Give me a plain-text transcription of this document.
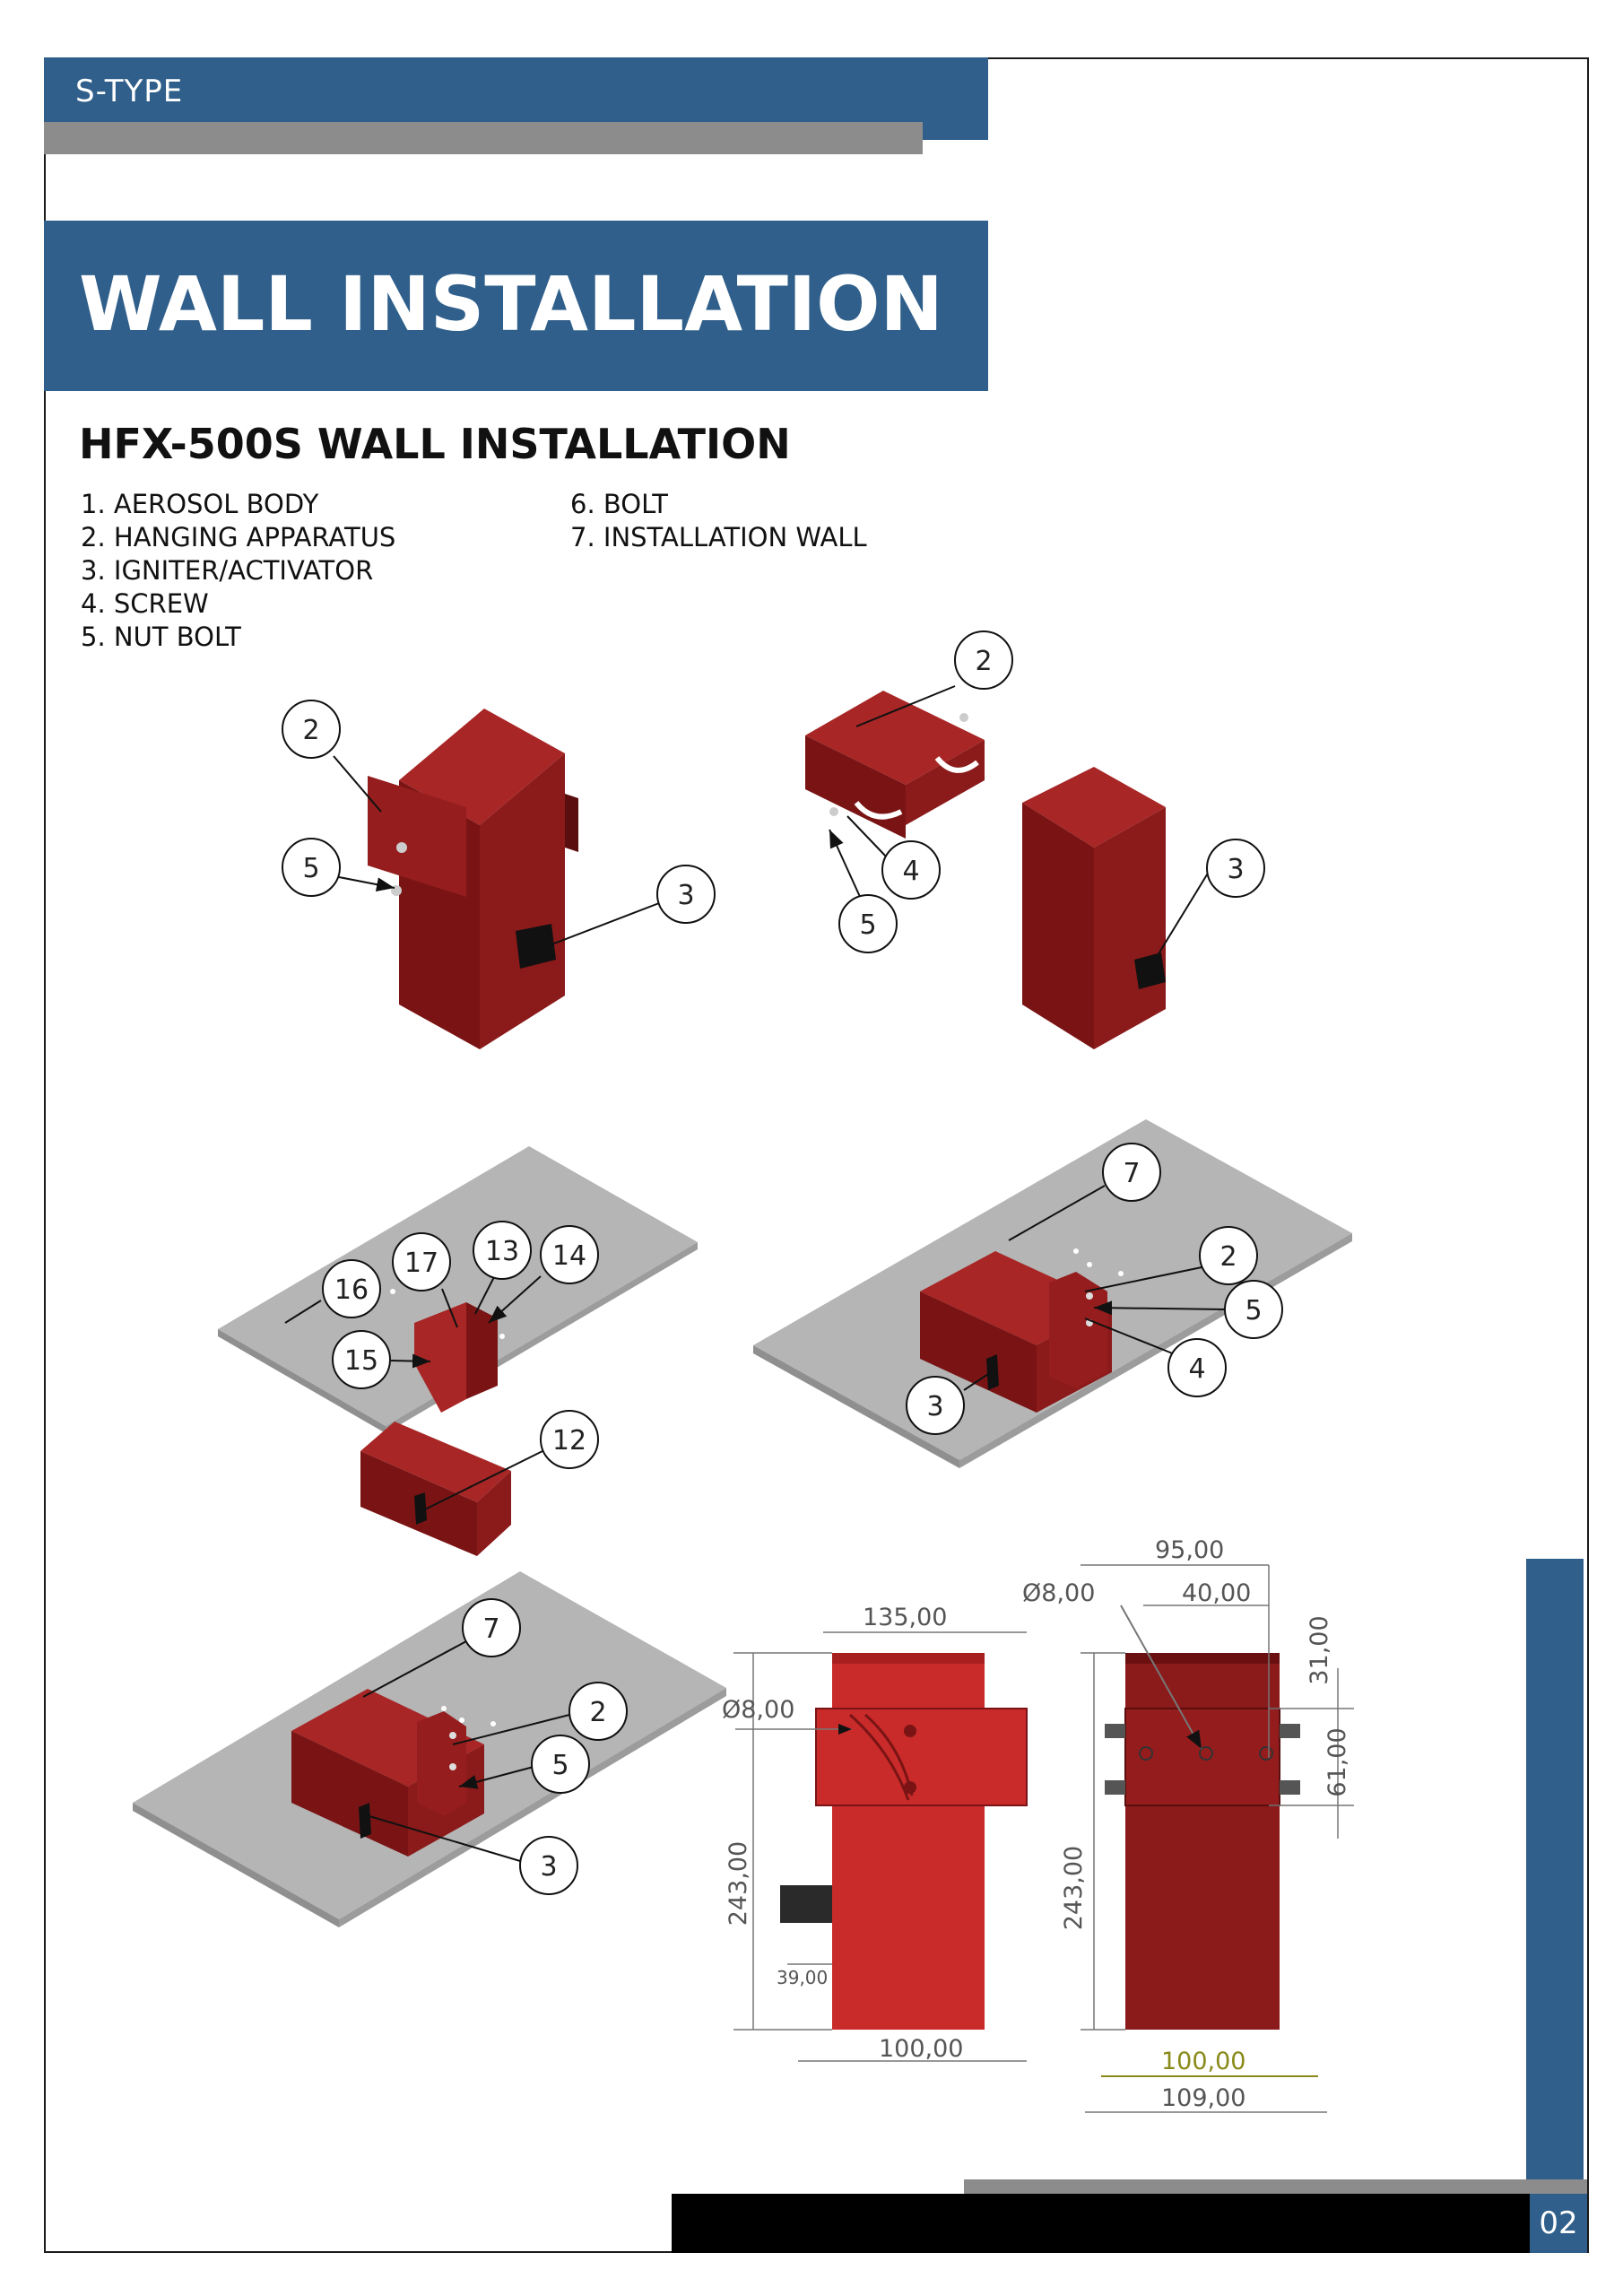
S-TYPE
WALL INSTALLATION
HFX-500S WALL INSTALLATION
1. AEROSOL BODY
2. HANGING APPARATUS
3. IGNITER/ACTIVATOR
4. SCREW
5. NUT BOLT
6. BOLT
7. INSTALLATION WALL
2
5
3
2
4
5
3
17 13 14
16
15
12
7
2
5
4
3
7
2
5
3
135,00
Ø8,00
243,00
39,00
100,00
95,00
Ø8,00	40,00
31,00
61,00
243,00
100,00
109,00
02
